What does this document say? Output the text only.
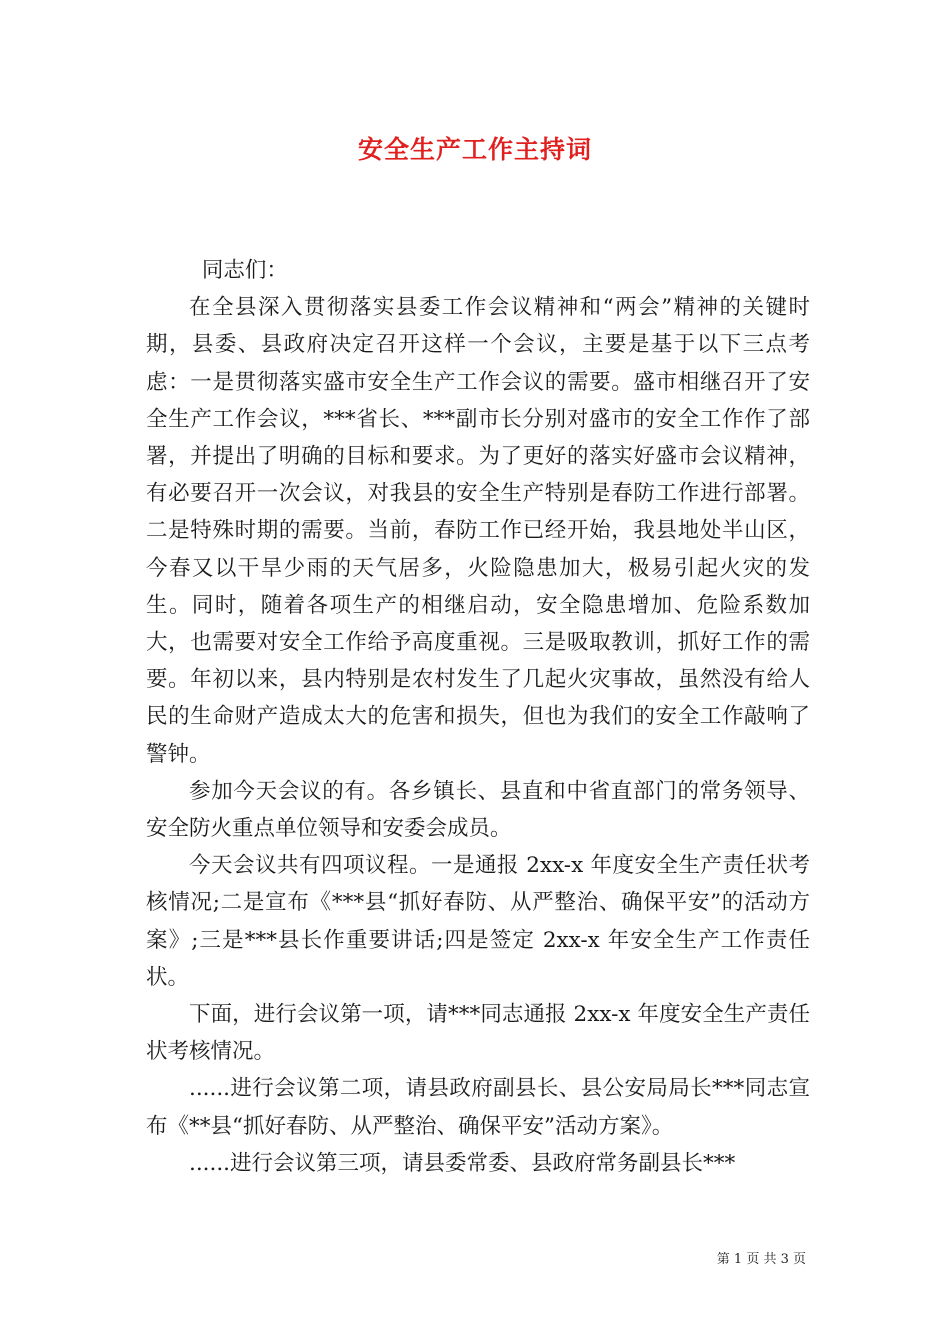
安全生产工作主持词

同志们：

在全县深入贯彻落实县委工作会议精神和“两会”精神的关键时期，县委、县政府决定召开这样一个会议，主要是基于以下三点考虑：一是贯彻落实盛市安全生产工作会议的需要。盛市相继召开了安全生产工作会议，***省长、***副市长分别对盛市的安全工作作了部署，并提出了明确的目标和要求。为了更好的落实好盛市会议精神，有必要召开一次会议，对我县的安全生产特别是春防工作进行部署。二是特殊时期的需要。当前，春防工作已经开始，我县地处半山区，今春又以干旱少雨的天气居多，火险隐患加大，极易引起火灾的发生。同时，随着各项生产的相继启动，安全隐患增加、危险系数加大，也需要对安全工作给予高度重视。三是吸取教训，抓好工作的需要。年初以来，县内特别是农村发生了几起火灾事故，虽然没有给人民的生命财产造成太大的危害和损失，但也为我们的安全工作敲响了警钟。

参加今天会议的有。各乡镇长、县直和中省直部门的常务领导、安全防火重点单位领导和安委会成员。

今天会议共有四项议程。一是通报 2xx-x 年度安全生产责任状考核情况;二是宣布《***县“抓好春防、从严整治、确保平安”的活动方案》;三是***县长作重要讲话;四是签定 2xx-x 年安全生产工作责任状。

下面，进行会议第一项，请***同志通报 2xx-x 年度安全生产责任状考核情况。

......进行会议第二项，请县政府副县长、县公安局局长***同志宣布《**县“抓好春防、从严整治、确保平安”活动方案》。

......进行会议第三项，请县委常委、县政府常务副县长***

第 1 页 共 3 页
